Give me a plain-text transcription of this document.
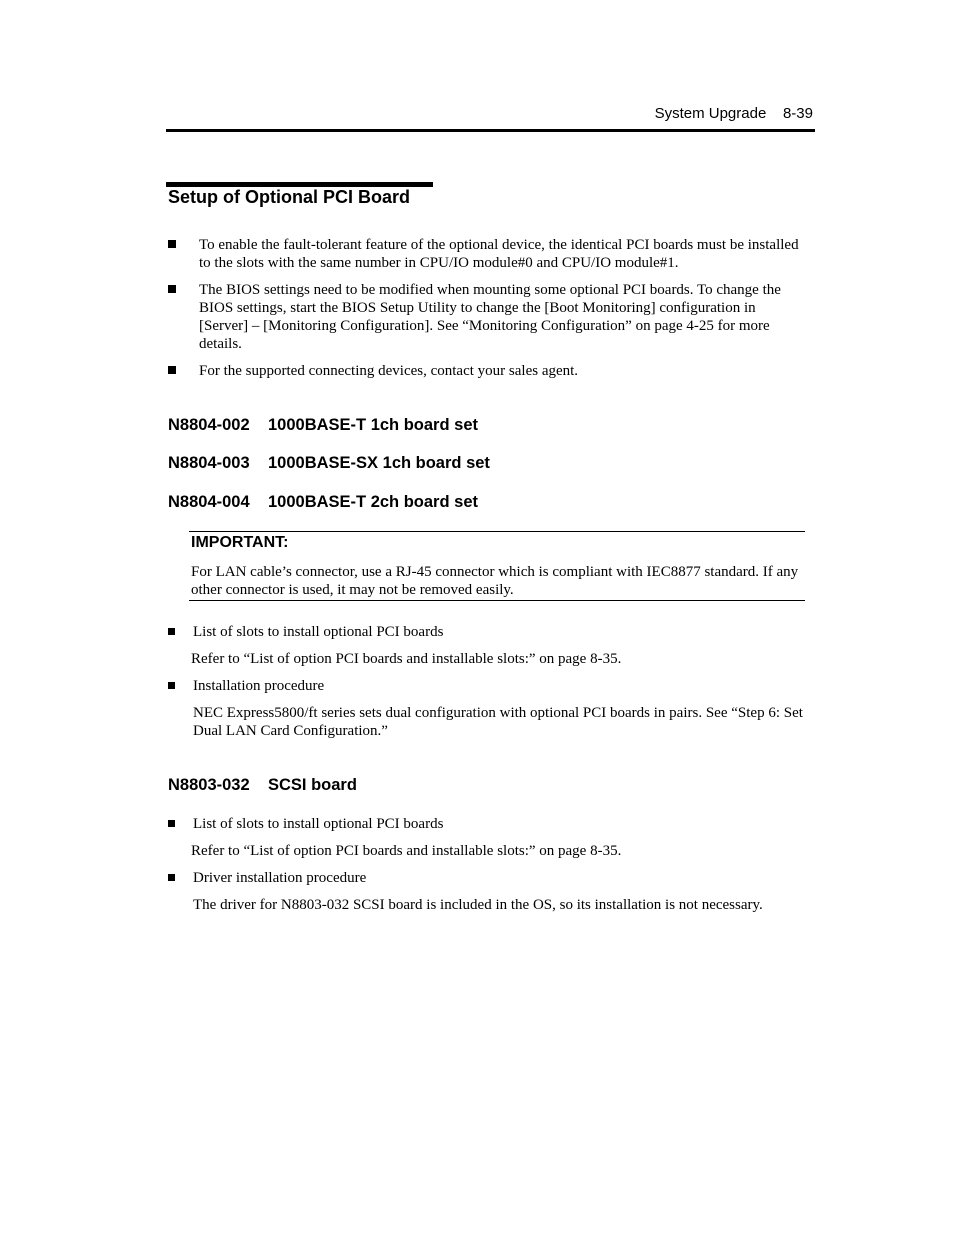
System Upgrade 8-39
Setup of Optional PCI Board
To enable the fault-tolerant feature of the optional device, the identical PCI boards must be installed to the slots with the same number in CPU/IO module#0 and CPU/IO module#1.
The BIOS settings need to be modified when mounting some optional PCI boards. To change the BIOS settings, start the BIOS Setup Utility to change the [Boot Monitoring] configuration in [Server] – [Monitoring Configuration]. See “Monitoring Configuration” on page 4-25 for more details.
For the supported connecting devices, contact your sales agent.
N8804-002 1000BASE-T 1ch board set
N8804-003 1000BASE-SX 1ch board set
N8804-004 1000BASE-T 2ch board set
IMPORTANT:
For LAN cable’s connector, use a RJ-45 connector which is compliant with IEC8877 standard. If any other connector is used, it may not be removed easily.
List of slots to install optional PCI boards
Refer to “List of option PCI boards and installable slots:” on page 8-35.
Installation procedure
NEC Express5800/ft series sets dual configuration with optional PCI boards in pairs. See “Step 6: Set Dual LAN Card Configuration.”
N8803-032 SCSI board
List of slots to install optional PCI boards
Refer to “List of option PCI boards and installable slots:” on page 8-35.
Driver installation procedure
The driver for N8803-032 SCSI board is included in the OS, so its installation is not necessary.
